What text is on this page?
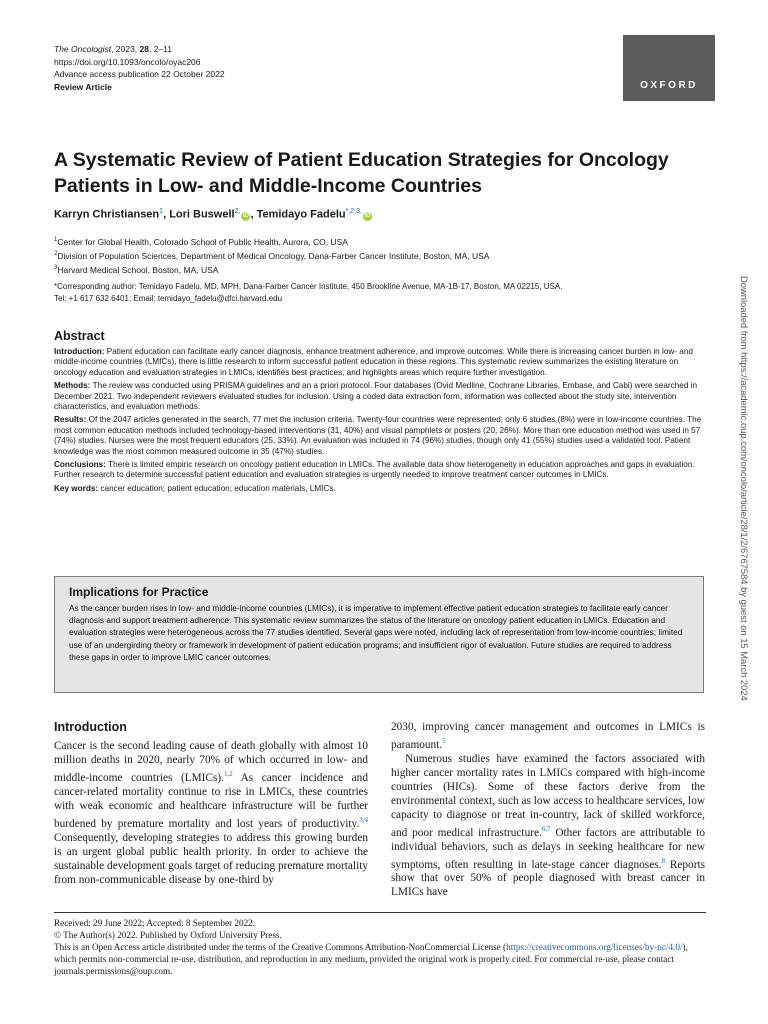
The Oncologist, 2023, 28, 2–11
https://doi.org/10.1093/oncolo/oyac206
Advance access publication 22 October 2022
Review Article	OXFORD
A Systematic Review of Patient Education Strategies for Oncology Patients in Low- and Middle-Income Countries
Karryn Christiansen$^1$, Lori Buswell$^{2,}$iD , Temidayo Fadelu$^{*,2,3,}$iD
$^1$Center for Global Health, Colorado School of Public Health, Aurora, CO, USA
$^2$Division of Population Sciences, Department of Medical Oncology, Dana-Farber Cancer Institute, Boston, MA, USA
$^3$Harvard Medical School, Boston, MA, USA
*Corresponding author: Temidayo Fadelu, MD, MPH, Dana-Farber Cancer Institute, 450 Brookline Avenue, MA-1B-17, Boston, MA 02215, USA.
Tel: +1 617 632 6401; Email: temidayo_fadelu@dfci.harvard.edu
Abstract

Introduction: Patient education can facilitate early cancer diagnosis, enhance treatment adherence, and improve outcomes. While there is increasing cancer burden in low- and middle-income countries (LMICs), there is little research to inform successful patient education in these regions. This systematic review summarizes the existing literature on oncology education and evaluation strategies in LMICs, identifies best practices, and highlights areas which require further investigation.

Methods: The review was conducted using PRISMA guidelines and an a priori protocol. Four databases (Ovid Medline, Cochrane Libraries, Embase, and Cabi) were searched in December 2021. Two independent reviewers evaluated studies for inclusion. Using a coded data extraction form, information was collected about the study site, intervention characteristics, and evaluation methods.

Results: Of the 2047 articles generated in the search, 77 met the inclusion criteria. Twenty-four countries were represented; only 6 studies (8%) were in low-income countries. The most common education methods included technology-based interventions (31, 40%) and visual pamphlets or posters (20, 26%). More than one education method was used in 57 (74%) studies. Nurses were the most frequent educators (25, 33%). An evaluation was included in 74 (96%) studies, though only 41 (55%) studies used a validated tool. Patient knowledge was the most common measured outcome in 35 (47%) studies.

Conclusions: There is limited empiric research on oncology patient education in LMICs. The available data show heterogeneity in education approaches and gaps in evaluation. Further research to determine successful patient education and evaluation strategies is urgently needed to improve treatment cancer outcomes in LMICs.

Key words: cancer education; patient education; education materials, LMICs.

Implications for Practice

As the cancer burden rises in low- and middle-income countries (LMICs), it is imperative to implement effective patient education strategies to facilitate early cancer diagnosis and support treatment adherence. This systematic review summarizes the status of the literature on oncology patient education in LMICs. Education and evaluation strategies were heterogeneous across the 77 studies identified. Several gaps were noted, including lack of representation from low-income countries; limited use of an undergirding theory or framework in development of patient education programs; and insufficient rigor of evaluation. Future studies are required to address these gaps in order to improve LMIC cancer outcomes.

Introduction

Cancer is the second leading cause of death globally with almost 10 million deaths in 2020, nearly 70% of which occurred in low- and middle-income countries (LMICs).$^{1,2}$ As cancer incidence and cancer-related mortality continue to rise in LMICs, these countries with weak economic and healthcare infrastructure will be further burdened by premature mortality and lost years of productivity.$^{3,4}$ Consequently, developing strategies to address this growing burden is an urgent global public health priority. In order to achieve the sustainable development goals target of reducing premature mortality from non-communicable disease by one-third by

2030, improving cancer management and outcomes in LMICs is paramount.$^5$

Numerous studies have examined the factors associated with higher cancer mortality rates in LMICs compared with high-income countries (HICs). Some of these factors derive from the environmental context, such as low access to healthcare services, low capacity to diagnose or treat in-country, lack of skilled workforce, and poor medical infrastructure.$^{6,7}$ Other factors are attributable to individual behaviors, such as delays in seeking healthcare for new symptoms, often resulting in late-stage cancer diagnoses.$^8$ Reports show that over 50% of people diagnosed with breast cancer in LMICs have

Received: 29 June 2022; Accepted: 8 September 2022.

© The Author(s) 2022. Published by Oxford University Press.

This is an Open Access article distributed under the terms of the Creative Commons Attribution-NonCommercial License (https://creativecommons.org/licenses/by-nc/4.0/), which permits non-commercial re-use, distribution, and reproduction in any medium, provided the original work is properly cited. For commercial re-use, please contact journals.permissions@oup.com.

Downloaded from https://academic.oup.com/oncolo/article/28/1/2/6767584 by guest on 15 March 2024
